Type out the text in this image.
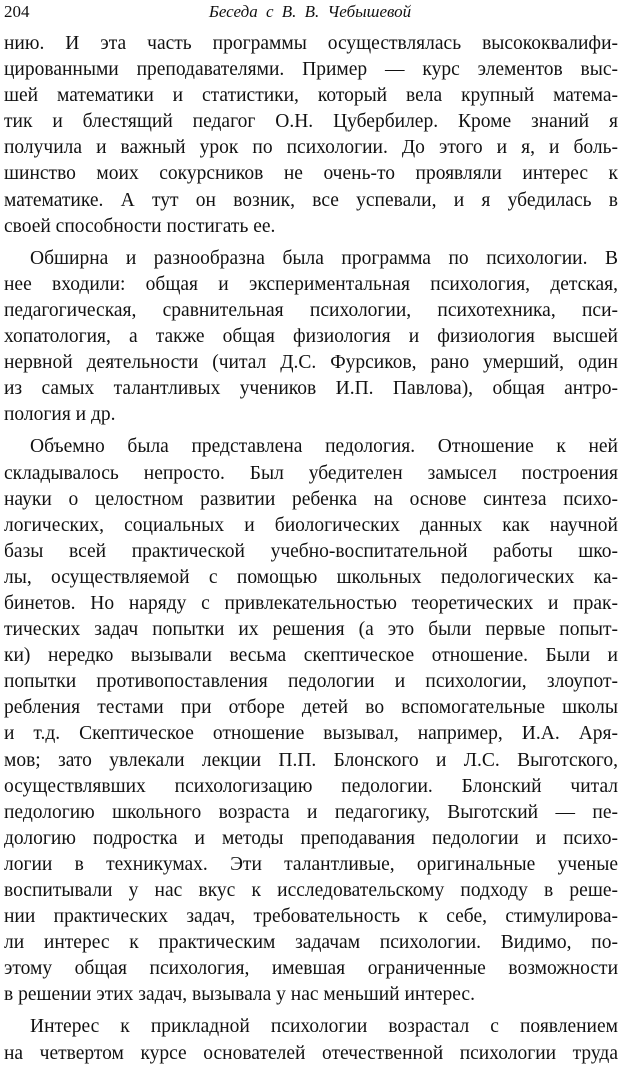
204	Беседа с В. В. Чебышевой
нию. И эта часть программы осуществлялась высококвалифи-
цированными преподавателями. Пример — курс элементов выс-
шей математики и статистики, который вела крупный матема-
тик и блестящий педагог О.Н. Цубербилер. Кроме знаний я
получила и важный урок по психологии. До этого и я, и боль-
шинство моих сокурсников не очень-то проявляли интерес к
математике. А тут он возник, все успевали, и я убедилась в
своей способности постигать ее.
Обширна и разнообразна была программа по психологии. В
нее входили: общая и экспериментальная психология, детская,
педагогическая, сравнительная психологии, психотехника, пси-
хопатология, а также общая физиология и физиология высшей
нервной деятельности (читал Д.С. Фурсиков, рано умерший, один
из самых талантливых учеников И.П. Павлова), общая антро-
пология и др.
Объемно была представлена педология. Отношение к ней
складывалось непросто. Был убедителен замысел построения
науки о целостном развитии ребенка на основе синтеза психо-
логических, социальных и биологических данных как научной
базы всей практической учебно-воспитательной работы шко-
лы, осуществляемой с помощью школьных педологических ка-
бинетов. Но наряду с привлекательностью теоретических и прак-
тических задач попытки их решения (а это были первые попыт-
ки) нередко вызывали весьма скептическое отношение. Были и
попытки противопоставления педологии и психологии, злоупот-
ребления тестами при отборе детей во вспомогательные школы
и т.д. Скептическое отношение вызывал, например, И.А. Аря-
мов; зато увлекали лекции П.П. Блонского и Л.С. Выготского,
осуществлявших психологизацию педологии. Блонский читал
педологию школьного возраста и педагогику, Выготский — пе-
дологию подростка и методы преподавания педологии и психо-
логии в техникумах. Эти талантливые, оригинальные ученые
воспитывали у нас вкус к исследовательскому подходу в реше-
нии практических задач, требовательность к себе, стимулирова-
ли интерес к практическим задачам психологии. Видимо, по-
этому общая психология, имевшая ограниченные возможности
в решении этих задач, вызывала у нас меньший интерес.
Интерес к прикладной психологии возрастал с появлением
на четвертом курсе основателей отечественной психологии труда
